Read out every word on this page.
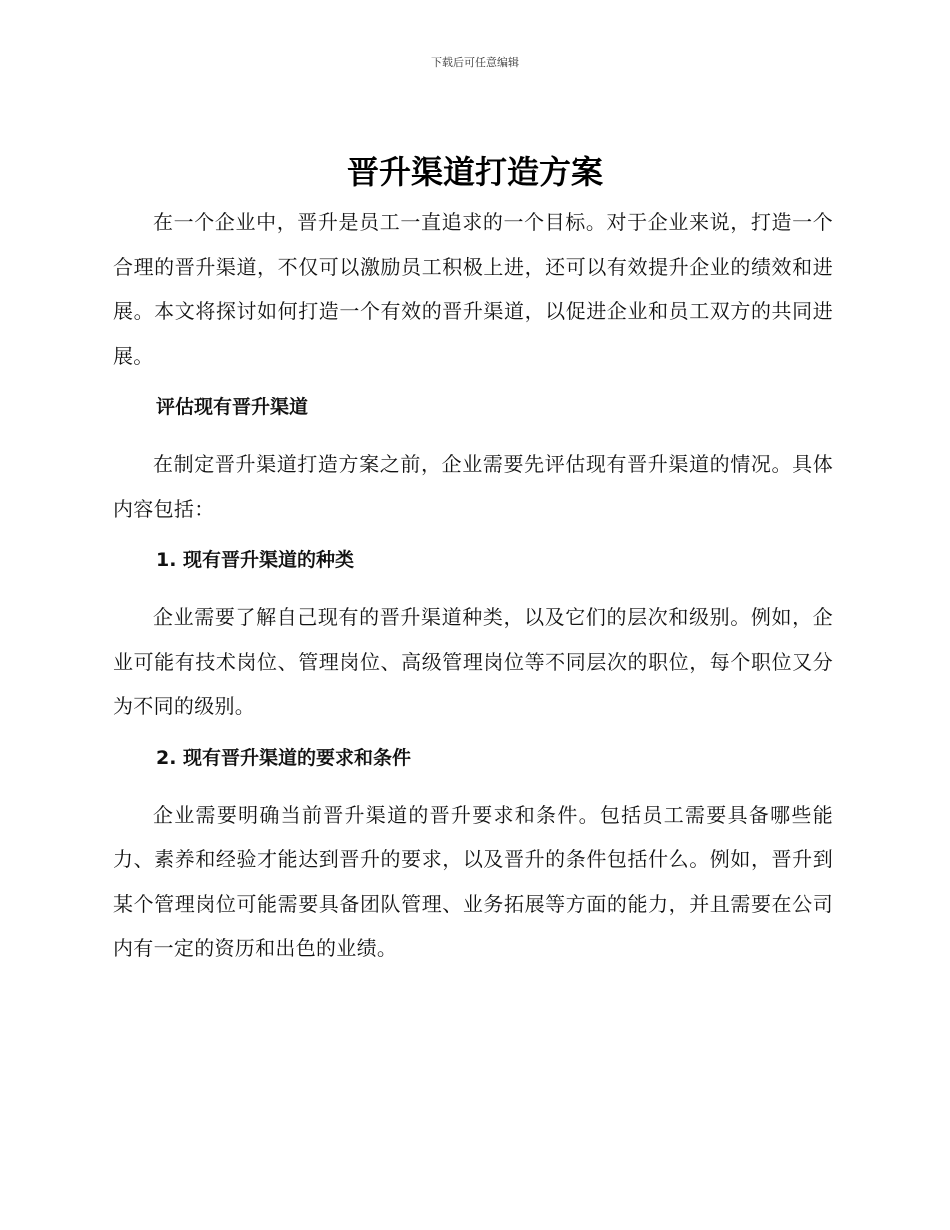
下载后可任意编辑
晋升渠道打造方案

在一个企业中，晋升是员工一直追求的一个目标。对于企业来说，打造一个合理的晋升渠道，不仅可以激励员工积极上进，还可以有效提升企业的绩效和进展。本文将探讨如何打造一个有效的晋升渠道，以促进企业和员工双方的共同进展。

评估现有晋升渠道

在制定晋升渠道打造方案之前，企业需要先评估现有晋升渠道的情况。具体内容包括：

1. 现有晋升渠道的种类

企业需要了解自己现有的晋升渠道种类，以及它们的层次和级别。例如，企业可能有技术岗位、管理岗位、高级管理岗位等不同层次的职位，每个职位又分为不同的级别。

2. 现有晋升渠道的要求和条件

企业需要明确当前晋升渠道的晋升要求和条件。包括员工需要具备哪些能力、素养和经验才能达到晋升的要求，以及晋升的条件包括什么。例如，晋升到某个管理岗位可能需要具备团队管理、业务拓展等方面的能力，并且需要在公司内有一定的资历和出色的业绩。
